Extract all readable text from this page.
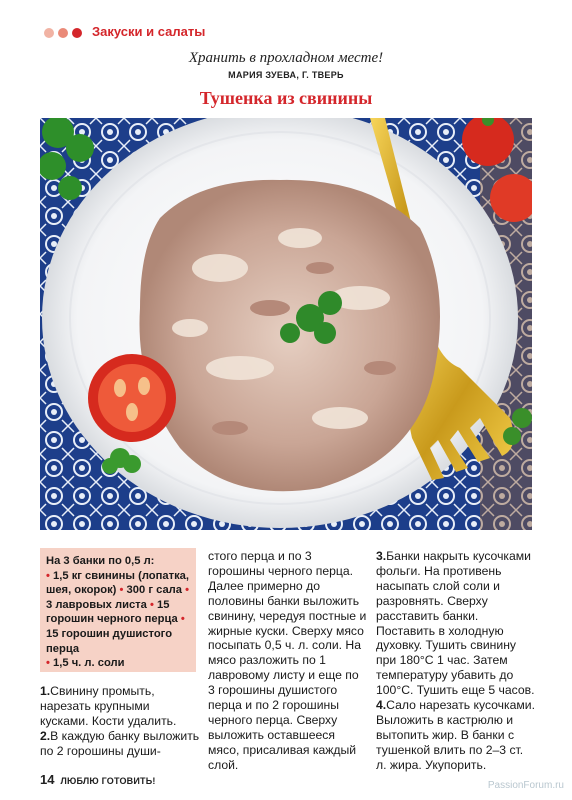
Закуски и салаты
Хранить в прохладном месте!
МАРИЯ ЗУЕВА, Г. ТВЕРЬ
Тушенка из свинины
На 3 банки по 0,5 л:
• 1,5 кг свинины (лопатка, шея, окорок) • 300 г сала • 3 лавровых листа • 15 горошин черного перца • 15 горошин душистого перца
• 1,5 ч. л. соли

1.Свинину промыть, нарезать крупными кусками. Кости удалить.

2.В каждую банку выложить по 2 горошины души-

стого перца и по 3 горошины черного перца. Далее примерно до половины банки выложить свинину, чередуя постные и жирные куски. Сверху мясо посыпать 0,5 ч. л. соли. На мясо разложить по 1 лавровому листу и еще по 3 горошины душистого перца и по 2 горошины черного перца. Сверху выложить оставшееся мясо, присаливая каждый слой.

3.Банки накрыть кусочками фольги. На противень насыпать слой соли и разровнять. Сверху расставить банки. Поставить в холодную духовку. Тушить свинину при 180°С 1 час. Затем температуру убавить до 100°С. Тушить еще 5 часов.

4.Сало нарезать кусочками. Выложить в кастрюлю и вытопить жир. В банки с тушенкой влить по 2–3 ст. л. жира. Укупорить.

14 ЛЮБЛЮ ГОТОВИТЬ!	PassionForum.ru
